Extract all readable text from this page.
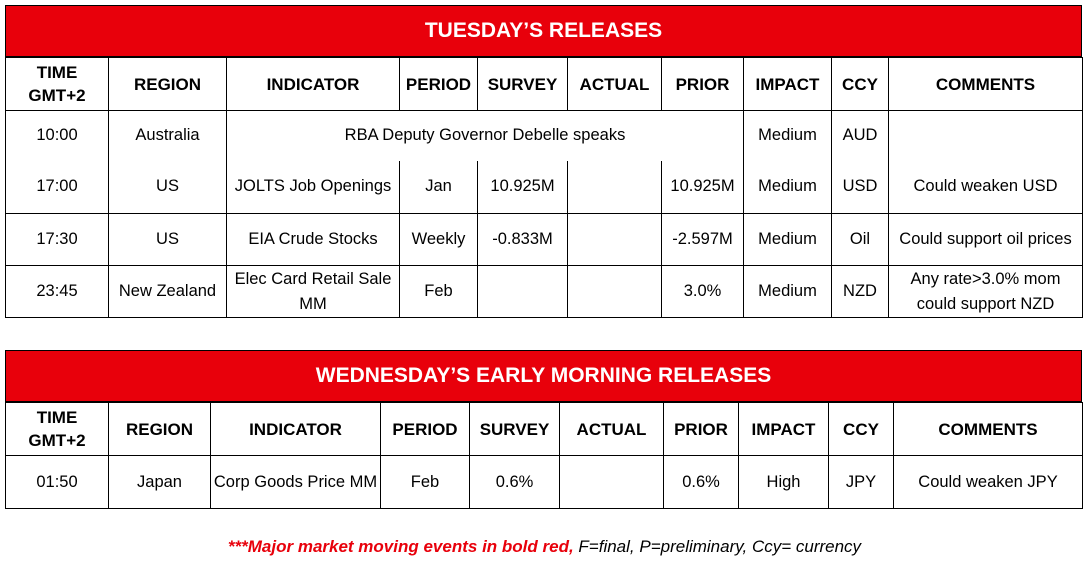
TUESDAY’S RELEASES
TIME GMT+2	REGION	INDICATOR	PERIOD	SURVEY	ACTUAL	PRIOR	IMPACT	CCY	COMMENTS
10:00	Australia	RBA Deputy Governor Debelle speaks					Medium	AUD	
17:00	US	JOLTS Job Openings	Jan	10.925M		10.925M	Medium	USD	Could weaken USD
17:30	US	EIA Crude Stocks	Weekly	-0.833M		-2.597M	Medium	Oil	Could support oil prices
23:45	New Zealand	Elec Card Retail Sale MM	Feb			3.0%	Medium	NZD	Any rate>3.0% mom could support NZD
WEDNESDAY’S EARLY MORNING RELEASES
TIME GMT+2	REGION	INDICATOR	PERIOD	SURVEY	ACTUAL	PRIOR	IMPACT	CCY	COMMENTS
01:50	Japan	Corp Goods Price MM	Feb	0.6%		0.6%	High	JPY	Could weaken JPY
***Major market moving events in bold red, F=final, P=preliminary, Ccy= currency
